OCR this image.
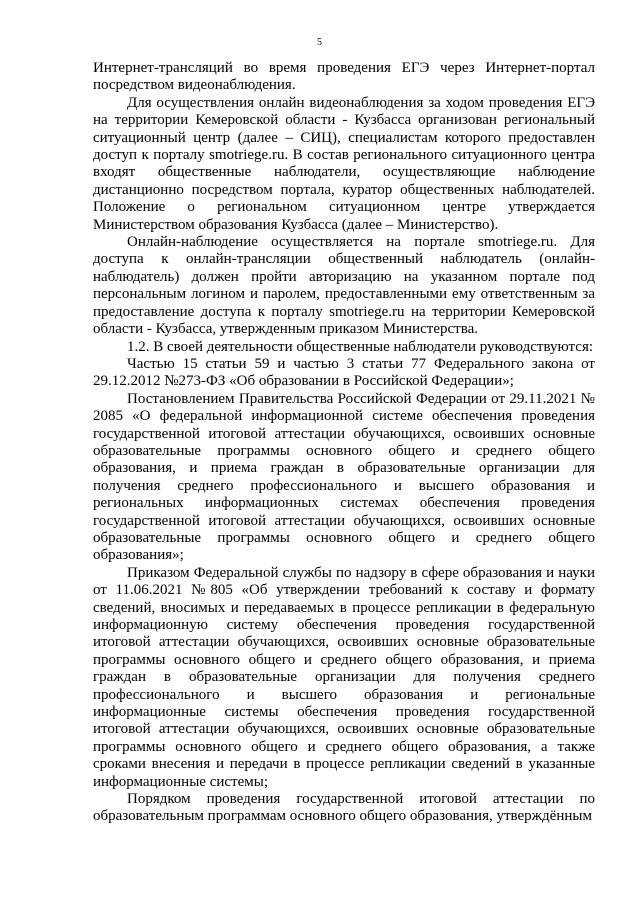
5

Интернет-трансляций во время проведения ЕГЭ через Интернет-портал посредством видеонаблюдения.

Для осуществления онлайн видеонаблюдения за ходом проведения ЕГЭ на территории Кемеровской области - Кузбасса организован региональный ситуационный центр (далее – СИЦ), специалистам которого предоставлен доступ к порталу smotriege.ru. В состав регионального ситуационного центра входят общественные наблюдатели, осуществляющие наблюдение дистанционно посредством портала, куратор общественных наблюдателей. Положение о региональном ситуационном центре утверждается Министерством образования Кузбасса (далее – Министерство).

Онлайн-наблюдение осуществляется на портале smotriege.ru. Для доступа к онлайн-трансляции общественный наблюдатель (онлайн-наблюдатель) должен пройти авторизацию на указанном портале под персональным логином и паролем, предоставленными ему ответственным за предоставление доступа к порталу smotriege.ru на территории Кемеровской области - Кузбасса, утвержденным приказом Министерства.

1.2. В своей деятельности общественные наблюдатели руководствуются:

Частью 15 статьи 59 и частью 3 статьи 77 Федерального закона от 29.12.2012 №273-ФЗ «Об образовании в Российской Федерации»;

Постановлением Правительства Российской Федерации от 29.11.2021 № 2085 «О федеральной информационной системе обеспечения проведения государственной итоговой аттестации обучающихся, освоивших основные образовательные программы основного общего и среднего общего образования, и приема граждан в образовательные организации для получения среднего профессионального и высшего образования и региональных информационных системах обеспечения проведения государственной итоговой аттестации обучающихся, освоивших основные образовательные программы основного общего и среднего общего образования»;

Приказом Федеральной службы по надзору в сфере образования и науки от 11.06.2021 №805 «Об утверждении требований к составу и формату сведений, вносимых и передаваемых в процессе репликации в федеральную информационную систему обеспечения проведения государственной итоговой аттестации обучающихся, освоивших основные образовательные программы основного общего и среднего общего образования, и приема граждан в образовательные организации для получения среднего профессионального и высшего образования и региональные информационные системы обеспечения проведения государственной итоговой аттестации обучающихся, освоивших основные образовательные программы основного общего и среднего общего образования, а также сроками внесения и передачи в процессе репликации сведений в указанные информационные системы;

Порядком проведения государственной итоговой аттестации по образовательным программам основного общего образования, утверждённым
